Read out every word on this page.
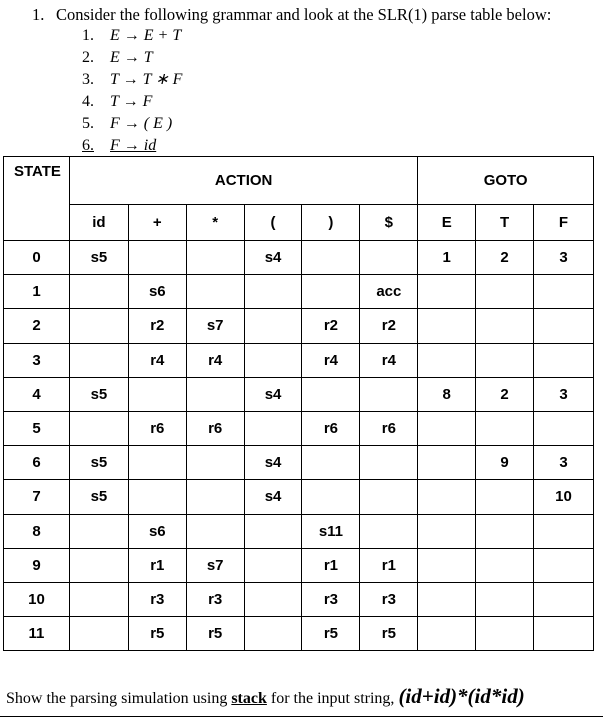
1. Consider the following grammar and look at the SLR(1) parse table below:
1. E → E + T
2. E → T
3. T → T ∗ F
4. T → F
5. F → ( E )
6. F → id
STATE	ACTION						GOTO		
	id	+	*	(	)	$	E	T	F
0	s5			s4			1	2	3
1		s6				acc			
2		r2	s7		r2	r2			
3		r4	r4		r4	r4			
4	s5			s4			8	2	3
5		r6	r6		r6	r6			
6	s5			s4				9	3
7	s5			s4					10
8		s6			s11				
9		r1	s7		r1	r1			
10		r3	r3		r3	r3			
11		r5	r5		r5	r5			
Show the parsing simulation using stack for the input string, (id+id)*(id*id)
